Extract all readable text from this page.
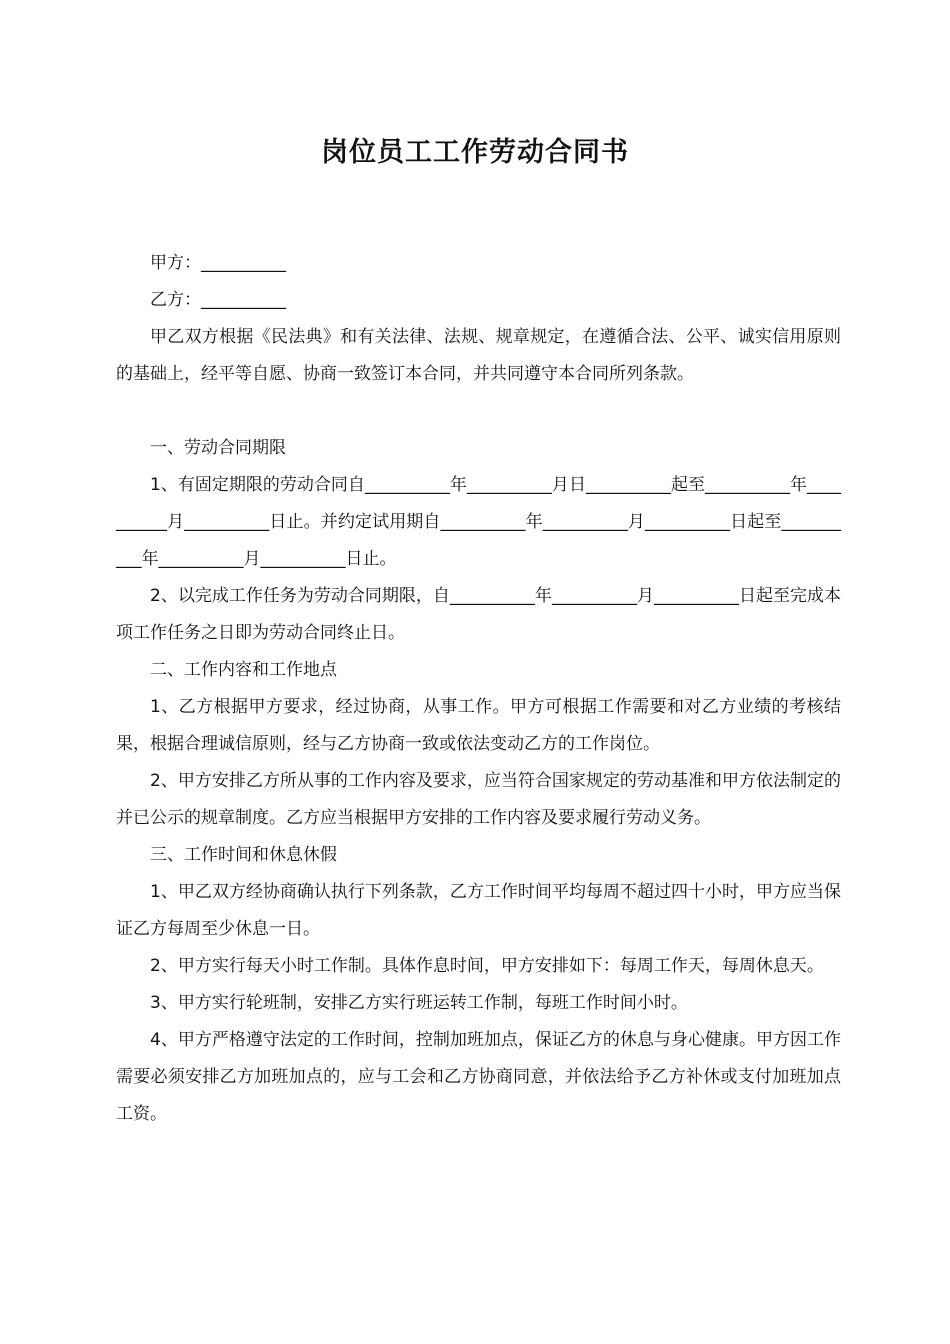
岗位员工工作劳动合同书

甲方：__________

乙方：__________

甲乙双方根据《民法典》和有关法律、法规、规章规定，在遵循合法、公平、诚实信用原则的基础上，经平等自愿、协商一致签订本合同，并共同遵守本合同所列条款。

一、劳动合同期限

1、有固定期限的劳动合同自__________年__________月日__________起至__________年__________月__________日止。并约定试用期自__________年__________月__________日起至__________年__________月__________日止。

2、以完成工作任务为劳动合同期限，自__________年__________月__________日起至完成本项工作任务之日即为劳动合同终止日。

二、工作内容和工作地点

1、乙方根据甲方要求，经过协商，从事工作。甲方可根据工作需要和对乙方业绩的考核结果，根据合理诚信原则，经与乙方协商一致或依法变动乙方的工作岗位。

2、甲方安排乙方所从事的工作内容及要求，应当符合国家规定的劳动基准和甲方依法制定的并已公示的规章制度。乙方应当根据甲方安排的工作内容及要求履行劳动义务。

三、工作时间和休息休假

1、甲乙双方经协商确认执行下列条款，乙方工作时间平均每周不超过四十小时，甲方应当保证乙方每周至少休息一日。

2、甲方实行每天小时工作制。具体作息时间，甲方安排如下：每周工作天，每周休息天。

3、甲方实行轮班制，安排乙方实行班运转工作制，每班工作时间小时。

4、甲方严格遵守法定的工作时间，控制加班加点，保证乙方的休息与身心健康。甲方因工作需要必须安排乙方加班加点的，应与工会和乙方协商同意，并依法给予乙方补休或支付加班加点工资。
